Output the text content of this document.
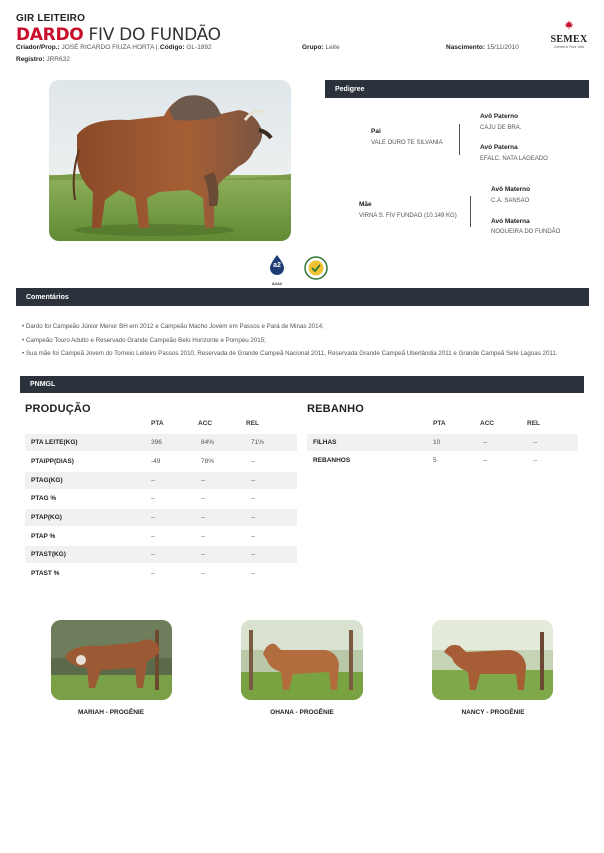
GIR LEITEIRO
DARDO FIV DO FUNDÃO
Criador/Prop.: JOSÉ RICARDO FIUZA HORTA |...
Código: GL-1892	Grupo: Leite	Nascimento: 15/11/2010
Registro: JRR632
SEMEX
Genética Para Vida
Pedigree
Pai
VALE OURO TE SILVANIA
Avô Paterno
CAJU DE BRA.
Avó Paterna
EFALC. NATA LAGEADO
Mãe
VIRNA S. FIV FUNDAO (10.149 KG)
Avô Materno
C.A. SANSAO
Avó Materna
NOGUEIRA DO FUNDÃO
a2
A2A2
Comentários
• Dardo foi Campeão Júnior Menor BH em 2012 e Campeão Macho Jovem em Passos e Pará de Minas 2014;
• Campeão Touro Adulto e Reservado Grande Campeão Belo Horizonte e Pompéu 2015;
• Sua mãe foi Campeã Jovem do Torneio Leiteiro Passos 2010, Reservada de Grande Campeã Nacional 2011, Reservada Grande Campeã Uberlândia 2011 e Grande Campeã Sete Lagoas 2011.
PNMGL
PRODUÇÃO
PTA	ACC	REL
PTA LEITE(KG)	396	84%	71%
PTAIPP(DIAS)	-49	78%	--
PTAG(KG)	--	--	--
PTAG %	--	--	--
PTAP(KG)	--	--	--
PTAP %	--	--	--
PTAST(KG)	--	--	--
PTAST %	--	--	--
REBANHO
PTA	ACC	REL
FILHAS	10	--	--
REBANHOS	5	--	--
MARIAH - PROGÊNIE	OHANA - PROGÊNIE	NANCY - PROGÊNIE
